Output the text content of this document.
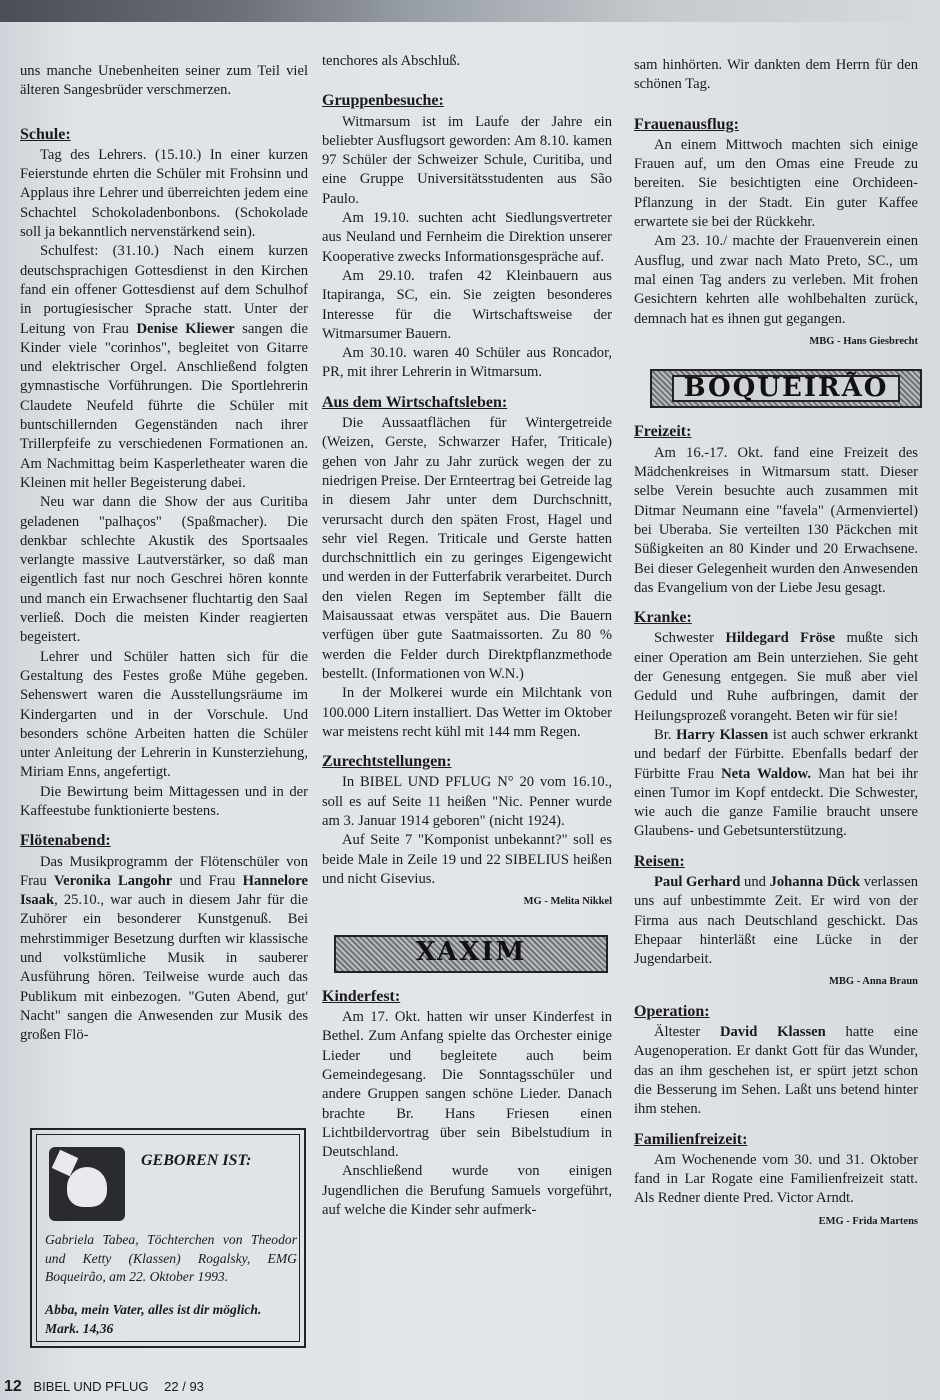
uns manche Unebenheiten seiner zum Teil viel älteren Sangesbrüder verschmerzen.

Schule:

Tag des Lehrers. (15.10.) In einer kurzen Feierstunde ehrten die Schüler mit Frohsinn und Applaus ihre Lehrer und überreichten jedem eine Schachtel Schokoladenbonbons. (Schokolade soll ja bekanntlich nervenstärkend sein).

Schulfest: (31.10.) Nach einem kurzen deutschsprachigen Gottesdienst in den Kirchen fand ein offener Gottesdienst auf dem Schulhof in portugiesischer Sprache statt. Unter der Leitung von Frau Denise Kliewer sangen die Kinder viele "corinhos", begleitet von Gitarre und elektrischer Orgel. Anschließend folgten gymnastische Vorführungen. Die Sportlehrerin Claudete Neufeld führte die Schüler mit buntschillernden Gegenständen nach ihrer Trillerpfeife zu verschiedenen Formationen an. Am Nachmittag beim Kasperletheater waren die Kleinen mit heller Begeisterung dabei.

Neu war dann die Show der aus Curitiba geladenen "palhaços" (Spaßmacher). Die denkbar schlechte Akustik des Sportsaales verlangte massive Lautverstärker, so daß man eigentlich fast nur noch Geschrei hören konnte und manch ein Erwachsener fluchtartig den Saal verließ. Doch die meisten Kinder reagierten begeistert.

Lehrer und Schüler hatten sich für die Gestaltung des Festes große Mühe gegeben. Sehenswert waren die Ausstellungsräume im Kindergarten und in der Vorschule. Und besonders schöne Arbeiten hatten die Schüler unter Anleitung der Lehrerin in Kunsterziehung, Miriam Enns, angefertigt.

Die Bewirtung beim Mittagessen und in der Kaffeestube funktionierte bestens.

Flötenabend:

Das Musikprogramm der Flötenschüler von Frau Veronika Langohr und Frau Hannelore Isaak, 25.10., war auch in diesem Jahr für die Zuhörer ein besonderer Kunstgenuß. Bei mehrstimmiger Besetzung durften wir klassische und volkstümliche Musik in sauberer Ausführung hören. Teilweise wurde auch das Publikum mit einbezogen. "Guten Abend, gut' Nacht" sangen die Anwesenden zur Musik des großen Flö-

GEBOREN IST:
Gabriela Tabea, Töchterchen von Theodor und Ketty (Klassen) Rogalsky, EMG Boqueirão, am 22. Oktober 1993.
Abba, mein Vater, alles ist dir möglich. Mark. 14,36

tenchores als Abschluß.

Gruppenbesuche:

Witmarsum ist im Laufe der Jahre ein beliebter Ausflugsort geworden: Am 8.10. kamen 97 Schüler der Schweizer Schule, Curitiba, und eine Gruppe Universitätsstudenten aus São Paulo.

Am 19.10. suchten acht Siedlungsvertreter aus Neuland und Fernheim die Direktion unserer Kooperative zwecks Informationsgespräche auf.

Am 29.10. trafen 42 Kleinbauern aus Itapiranga, SC, ein. Sie zeigten besonderes Interesse für die Wirtschaftsweise der Witmarsumer Bauern.

Am 30.10. waren 40 Schüler aus Roncador, PR, mit ihrer Lehrerin in Witmarsum.

Aus dem Wirtschaftsleben:

Die Aussaatflächen für Wintergetreide (Weizen, Gerste, Schwarzer Hafer, Triticale) gehen von Jahr zu Jahr zurück wegen der zu niedrigen Preise. Der Ernteertrag bei Getreide lag in diesem Jahr unter dem Durchschnitt, verursacht durch den späten Frost, Hagel und sehr viel Regen. Triticale und Gerste hatten durchschnittlich ein zu geringes Eigengewicht und werden in der Futterfabrik verarbeitet. Durch den vielen Regen im September fällt die Maisaussaat etwas verspätet aus. Die Bauern verfügen über gute Saatmaissorten. Zu 80 % werden die Felder durch Direktpflanzmethode bestellt. (Informationen von W.N.)

In der Molkerei wurde ein Milchtank von 100.000 Litern installiert. Das Wetter im Oktober war meistens recht kühl mit 144 mm Regen.

Zurechtstellungen:

In BIBEL UND PFLUG N° 20 vom 16.10., soll es auf Seite 11 heißen "Nic. Penner wurde am 3. Januar 1914 geboren" (nicht 1924).

Auf Seite 7 "Komponist unbekannt?" soll es beide Male in Zeile 19 und 22 SIBELIUS heißen und nicht Gisevius.

MG - Melita Nikkel
XAXIM
Kinderfest:

Am 17. Okt. hatten wir unser Kinderfest in Bethel. Zum Anfang spielte das Orchester einige Lieder und begleitete auch beim Gemeindegesang. Die Sonntagsschüler und andere Gruppen sangen schöne Lieder. Danach brachte Br. Hans Friesen einen Lichtbildervortrag über sein Bibelstudium in Deutschland.

Anschließend wurde von einigen Jugendlichen die Berufung Samuels vorgeführt, auf welche die Kinder sehr aufmerk-

sam hinhörten. Wir dankten dem Herrn für den schönen Tag.

Frauenausflug:

An einem Mittwoch machten sich einige Frauen auf, um den Omas eine Freude zu bereiten. Sie besichtigten eine Orchideen-Pflanzung in der Stadt. Ein guter Kaffee erwartete sie bei der Rückkehr.

Am 23. 10./ machte der Frauenverein einen Ausflug, und zwar nach Mato Preto, SC., um mal einen Tag anders zu verleben. Mit frohen Gesichtern kehrten alle wohlbehalten zurück, demnach hat es ihnen gut gegangen.

MBG - Hans Giesbrecht
BOQUEIRÃO
Freizeit:

Am 16.-17. Okt. fand eine Freizeit des Mädchenkreises in Witmarsum statt. Dieser selbe Verein besuchte auch zusammen mit Ditmar Neumann eine "favela" (Armenviertel) bei Uberaba. Sie verteilten 130 Päckchen mit Süßigkeiten an 80 Kinder und 20 Erwachsene. Bei dieser Gelegenheit wurden den Anwesenden das Evangelium von der Liebe Jesu gesagt.

Kranke:

Schwester Hildegard Fröse mußte sich einer Operation am Bein unterziehen. Sie geht der Genesung entgegen. Sie muß aber viel Geduld und Ruhe aufbringen, damit der Heilungsprozeß vorangeht. Beten wir für sie!

Br. Harry Klassen ist auch schwer erkrankt und bedarf der Fürbitte. Ebenfalls bedarf der Fürbitte Frau Neta Waldow. Man hat bei ihr einen Tumor im Kopf entdeckt. Die Schwester, wie auch die ganze Familie braucht unsere Glaubens- und Gebetsunterstützung.

Reisen:

Paul Gerhard und Johanna Dück verlassen uns auf unbestimmte Zeit. Er wird von der Firma aus nach Deutschland geschickt. Das Ehepaar hinterläßt eine Lücke in der Jugendarbeit.

MBG - Anna Braun
Operation:

Ältester David Klassen hatte eine Augenoperation. Er dankt Gott für das Wunder, das an ihm geschehen ist, er spürt jetzt schon die Besserung im Sehen. Laßt uns betend hinter ihm stehen.

Familienfreizeit:

Am Wochenende vom 30. und 31. Oktober fand in Lar Rogate eine Familienfreizeit statt. Als Redner diente Pred. Victor Arndt.

EMG - Frida Martens
12 BIBEL UND PFLUG 22 / 93
